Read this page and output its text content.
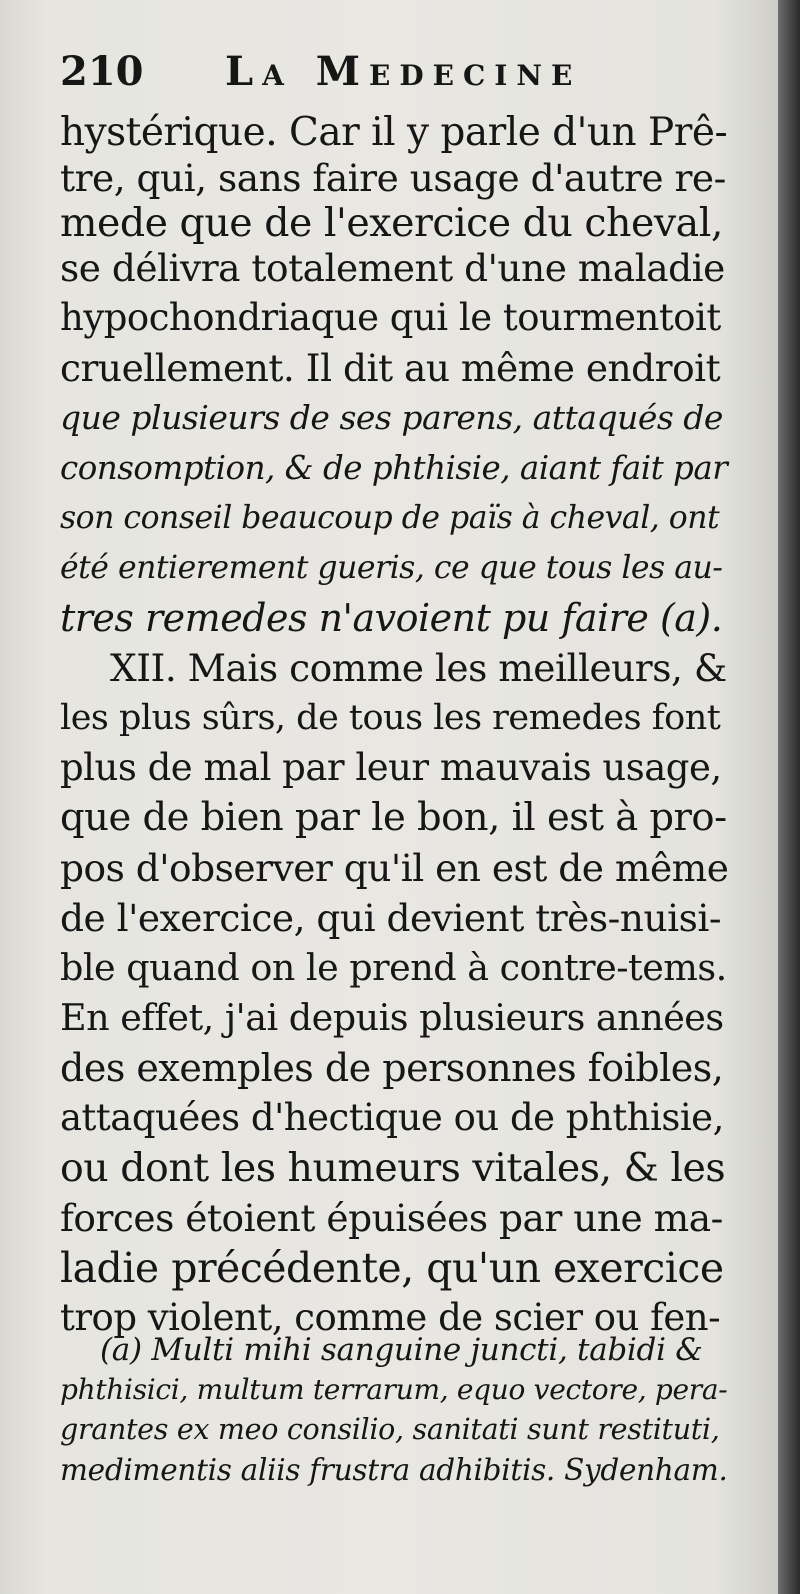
210 La Medecine
hystérique. Car il y parle d'un Prê-
tre, qui, sans faire usage d'autre re-
mede que de l'exercice du cheval,
se délivra totalement d'une maladie
hypochondriaque qui le tourmentoit
cruellement. Il dit au même endroit
que plusieurs de ses parens, attaqués de
consomption, & de phthisie, aiant fait par
son conseil beaucoup de païs à cheval, ont
été entierement gueris, ce que tous les au-
tres remedes n'avoient pu faire (a).
XII. Mais comme les meilleurs, &
les plus sûrs, de tous les remedes font
plus de mal par leur mauvais usage,
que de bien par le bon, il est à pro-
pos d'observer qu'il en est de même
de l'exercice, qui devient très-nuisi-
ble quand on le prend à contre-tems.
En effet, j'ai depuis plusieurs années
des exemples de personnes foibles,
attaquées d'hectique ou de phthisie,
ou dont les humeurs vitales, & les
forces étoient épuisées par une ma-
ladie précédente, qu'un exercice
trop violent, comme de scier ou fen-
(a) Multi mihi sanguine juncti, tabidi &
phthisici, multum terrarum, equo vectore, pera-
grantes ex meo consilio, sanitati sunt restituti,
medimentis aliis frustra adhibitis. Sydenham.
